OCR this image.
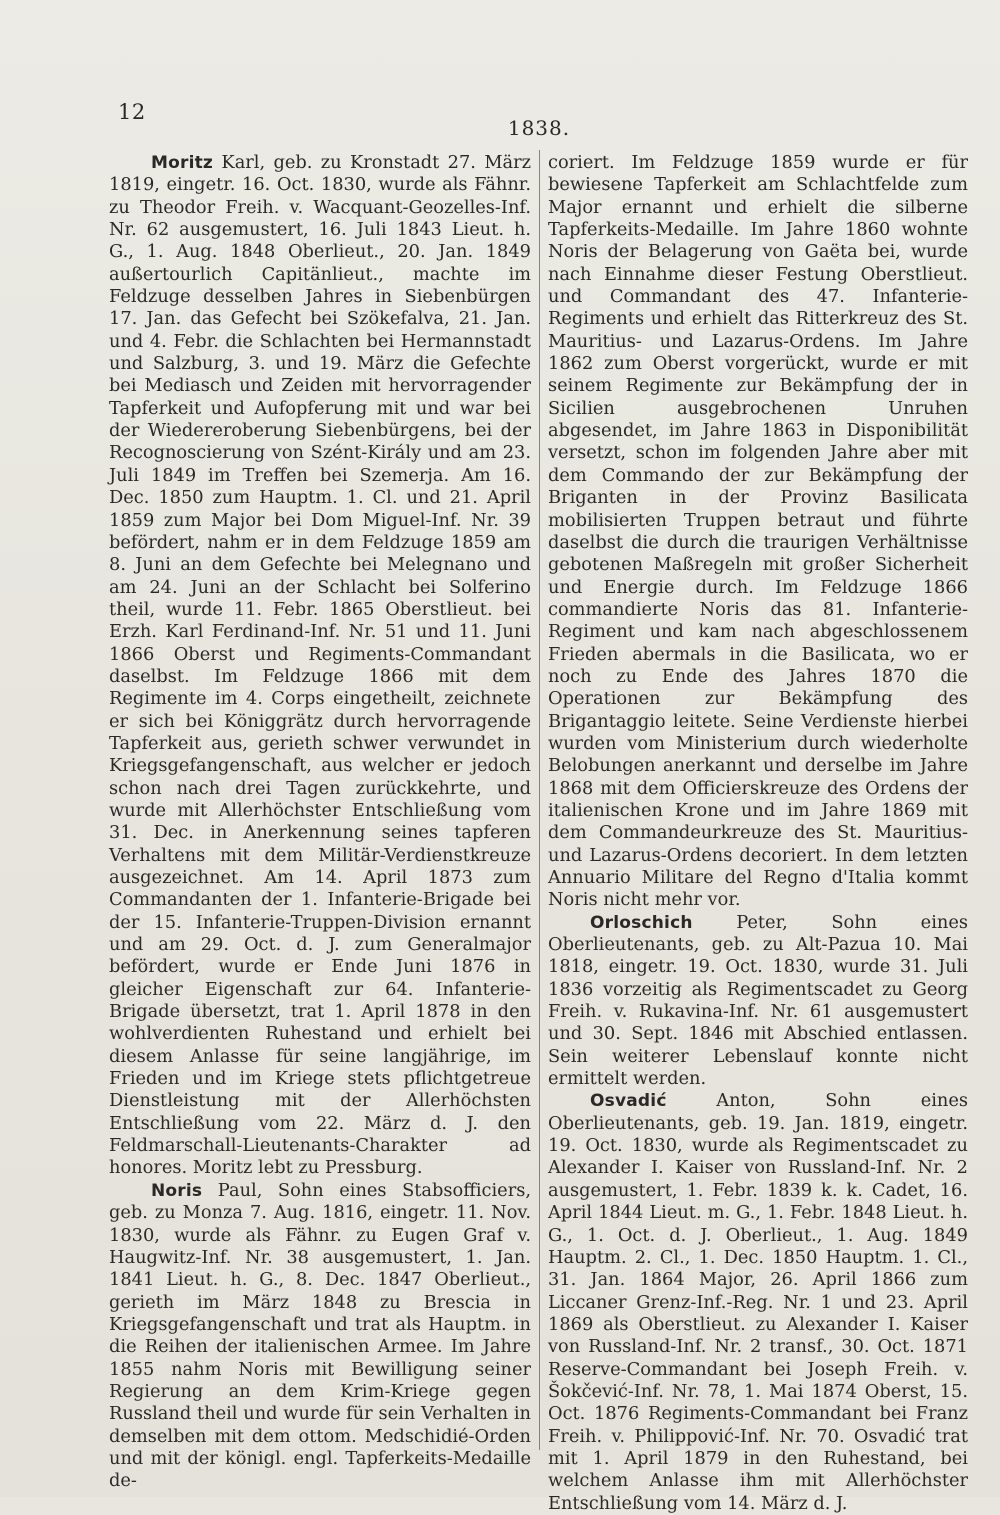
12
1838.

Moritz Karl, geb. zu Kronstadt 27. März 1819, eingetr. 16. Oct. 1830, wurde als Fähnr. zu Theodor Freih. v. Wacquant-Geozelles-Inf. Nr. 62 ausgemustert, 16. Juli 1843 Lieut. h. G., 1. Aug. 1848 Oberlieut., 20. Jan. 1849 außertourlich Capitänlieut., machte im Feldzuge desselben Jahres in Siebenbürgen 17. Jan. das Gefecht bei Szökefalva, 21. Jan. und 4. Febr. die Schlachten bei Hermannstadt und Salzburg, 3. und 19. März die Gefechte bei Mediasch und Zeiden mit hervorragender Tapferkeit und Aufopferung mit und war bei der Wiedereroberung Siebenbürgens, bei der Recognoscierung von Szént-Király und am 23. Juli 1849 im Treffen bei Szemerja. Am 16. Dec. 1850 zum Hauptm. 1. Cl. und 21. April 1859 zum Major bei Dom Miguel-Inf. Nr. 39 befördert, nahm er in dem Feldzuge 1859 am 8. Juni an dem Gefechte bei Melegnano und am 24. Juni an der Schlacht bei Solferino theil, wurde 11. Febr. 1865 Oberstlieut. bei Erzh. Karl Ferdinand-Inf. Nr. 51 und 11. Juni 1866 Oberst und Regiments-Commandant daselbst. Im Feldzuge 1866 mit dem Regimente im 4. Corps eingetheilt, zeichnete er sich bei Königgrätz durch hervorragende Tapferkeit aus, gerieth schwer verwundet in Kriegsgefangenschaft, aus welcher er jedoch schon nach drei Tagen zurückkehrte, und wurde mit Allerhöchster Entschließung vom 31. Dec. in Anerkennung seines tapferen Verhaltens mit dem Militär-Verdienstkreuze ausgezeichnet. Am 14. April 1873 zum Commandanten der 1. Infanterie-Brigade bei der 15. Infanterie-Truppen-Division ernannt und am 29. Oct. d. J. zum Generalmajor befördert, wurde er Ende Juni 1876 in gleicher Eigenschaft zur 64. Infanterie-Brigade übersetzt, trat 1. April 1878 in den wohlverdienten Ruhestand und erhielt bei diesem Anlasse für seine langjährige, im Frieden und im Kriege stets pflichtgetreue Dienstleistung mit der Allerhöchsten Entschließung vom 22. März d. J. den Feldmarschall-Lieutenants-Charakter ad honores. Moritz lebt zu Pressburg.

Noris Paul, Sohn eines Stabsofficiers, geb. zu Monza 7. Aug. 1816, eingetr. 11. Nov. 1830, wurde als Fähnr. zu Eugen Graf v. Haugwitz-Inf. Nr. 38 ausgemustert, 1. Jan. 1841 Lieut. h. G., 8. Dec. 1847 Oberlieut., gerieth im März 1848 zu Brescia in Kriegsgefangenschaft und trat als Hauptm. in die Reihen der italienischen Armee. Im Jahre 1855 nahm Noris mit Bewilligung seiner Regierung an dem Krim-Kriege gegen Russland theil und wurde für sein Verhalten in demselben mit dem ottom. Medschidié-Orden und mit der königl. engl. Tapferkeits-Medaille de-

coriert. Im Feldzuge 1859 wurde er für bewiesene Tapferkeit am Schlachtfelde zum Major ernannt und erhielt die silberne Tapferkeits-Medaille. Im Jahre 1860 wohnte Noris der Belagerung von Gaëta bei, wurde nach Einnahme dieser Festung Oberstlieut. und Commandant des 47. Infanterie-Regiments und erhielt das Ritterkreuz des St. Mauritius- und Lazarus-Ordens. Im Jahre 1862 zum Oberst vorgerückt, wurde er mit seinem Regimente zur Bekämpfung der in Sicilien ausgebrochenen Unruhen abgesendet, im Jahre 1863 in Disponibilität versetzt, schon im folgenden Jahre aber mit dem Commando der zur Bekämpfung der Briganten in der Provinz Basilicata mobilisierten Truppen betraut und führte daselbst die durch die traurigen Verhältnisse gebotenen Maßregeln mit großer Sicherheit und Energie durch. Im Feldzuge 1866 commandierte Noris das 81. Infanterie-Regiment und kam nach abgeschlossenem Frieden abermals in die Basilicata, wo er noch zu Ende des Jahres 1870 die Operationen zur Bekämpfung des Brigantaggio leitete. Seine Verdienste hierbei wurden vom Ministerium durch wiederholte Belobungen anerkannt und derselbe im Jahre 1868 mit dem Officierskreuze des Ordens der italienischen Krone und im Jahre 1869 mit dem Commandeurkreuze des St. Mauritius- und Lazarus-Ordens decoriert. In dem letzten Annuario Militare del Regno d'Italia kommt Noris nicht mehr vor.

Orloschich Peter, Sohn eines Oberlieutenants, geb. zu Alt-Pazua 10. Mai 1818, eingetr. 19. Oct. 1830, wurde 31. Juli 1836 vorzeitig als Regimentscadet zu Georg Freih. v. Rukavina-Inf. Nr. 61 ausgemustert und 30. Sept. 1846 mit Abschied entlassen. Sein weiterer Lebenslauf konnte nicht ermittelt werden.

Osvadić	Anton, Sohn eines Oberlieutenants, geb. 19. Jan. 1819, eingetr. 19. Oct. 1830, wurde als Regimentscadet zu Alexander I. Kaiser von Russland-Inf. Nr. 2 ausgemustert, 1. Febr. 1839 k. k. Cadet, 16. April 1844 Lieut. m. G., 1. Febr. 1848 Lieut. h. G., 1. Oct. d. J. Oberlieut., 1. Aug. 1849 Hauptm. 2. Cl., 1. Dec. 1850 Hauptm. 1. Cl., 31. Jan. 1864 Major, 26. April 1866 zum Liccaner Grenz-Inf.-Reg. Nr. 1 und 23. April 1869 als Oberstlieut. zu Alexander I. Kaiser von Russland-Inf. Nr. 2 transf., 30. Oct. 1871 Reserve-Commandant bei Joseph Freih. v. Šokčević-Inf. Nr. 78, 1. Mai 1874 Oberst, 15. Oct. 1876 Regiments-Commandant bei Franz Freih. v. Philippović-Inf. Nr. 70. Osvadić trat mit 1. April 1879 in den Ruhestand, bei welchem Anlasse ihm mit Allerhöchster Entschließung vom 14. März d. J.
